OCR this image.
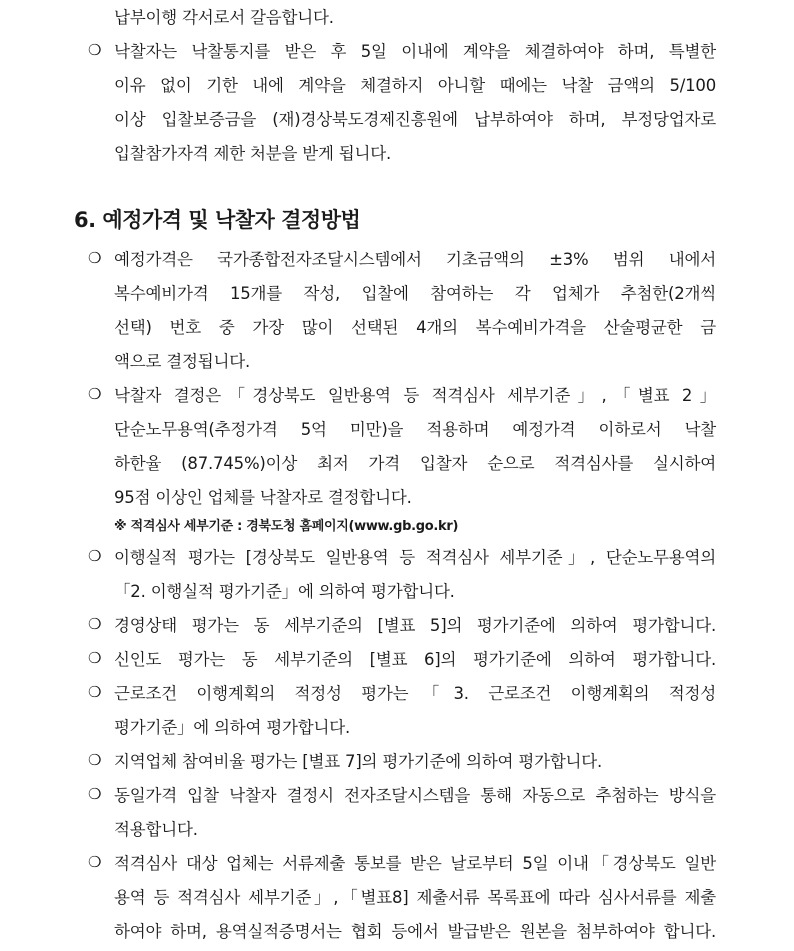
납부이행 각서로서 갈음합니다.
❍ 낙찰자는 낙찰통지를 받은 후 5일 이내에 계약을 체결하여야 하며, 특별한
이유 없이 기한 내에 계약을 체결하지 아니할 때에는 낙찰 금액의 5/100
이상 입찰보증금을 (재)경상북도경제진흥원에 납부하여야 하며, 부정당업자로
입찰참가자격 제한 처분을 받게 됩니다.
6. 예정가격 및 낙찰자 결정방법
❍ 예정가격은 국가종합전자조달시스템에서 기초금액의 ±3% 범위 내에서
복수예비가격 15개를 작성, 입찰에 참여하는 각 업체가 추첨한(2개씩
선택) 번호 중 가장 많이 선택된 4개의 복수예비가격을 산술평균한 금
액으로 결정됩니다.
❍ 낙찰자 결정은「경상북도 일반용역 등 적격심사 세부기준」,「별표 2」
단순노무용역(추정가격 5억 미만)을 적용하며 예정가격 이하로서 낙찰
하한율 (87.745%)이상 최저 가격 입찰자 순으로 적격심사를 실시하여
95점 이상인 업체를 낙찰자로 결정합니다.
※ 적격심사 세부기준 : 경북도청 홈페이지(www.gb.go.kr)
❍ 이행실적 평가는 [경상북도 일반용역 등 적격심사 세부기준」, 단순노무용역의
「2. 이행실적 평가기준」에 의하여 평가합니다.
❍ 경영상태 평가는 동 세부기준의 [별표 5]의 평가기준에 의하여 평가합니다.
❍ 신인도 평가는 동 세부기준의 [별표 6]의 평가기준에 의하여 평가합니다.
❍ 근로조건 이행계획의 적정성 평가는「3. 근로조건 이행계획의 적정성
평가기준」에 의하여 평가합니다.
❍ 지역업체 참여비율 평가는 [별표 7]의 평가기준에 의하여 평가합니다.
❍ 동일가격 입찰 낙찰자 결정시 전자조달시스템을 통해 자동으로 추첨하는 방식을
적용합니다.
❍ 적격심사 대상 업체는 서류제출 통보를 받은 날로부터 5일 이내「경상북도 일반
용역 등 적격심사 세부기준」,「별표8] 제출서류 목록표에 따라 심사서류를 제출
하여야 하며, 용역실적증명서는 협회 등에서 발급받은 원본을 첨부하여야 합니다.
